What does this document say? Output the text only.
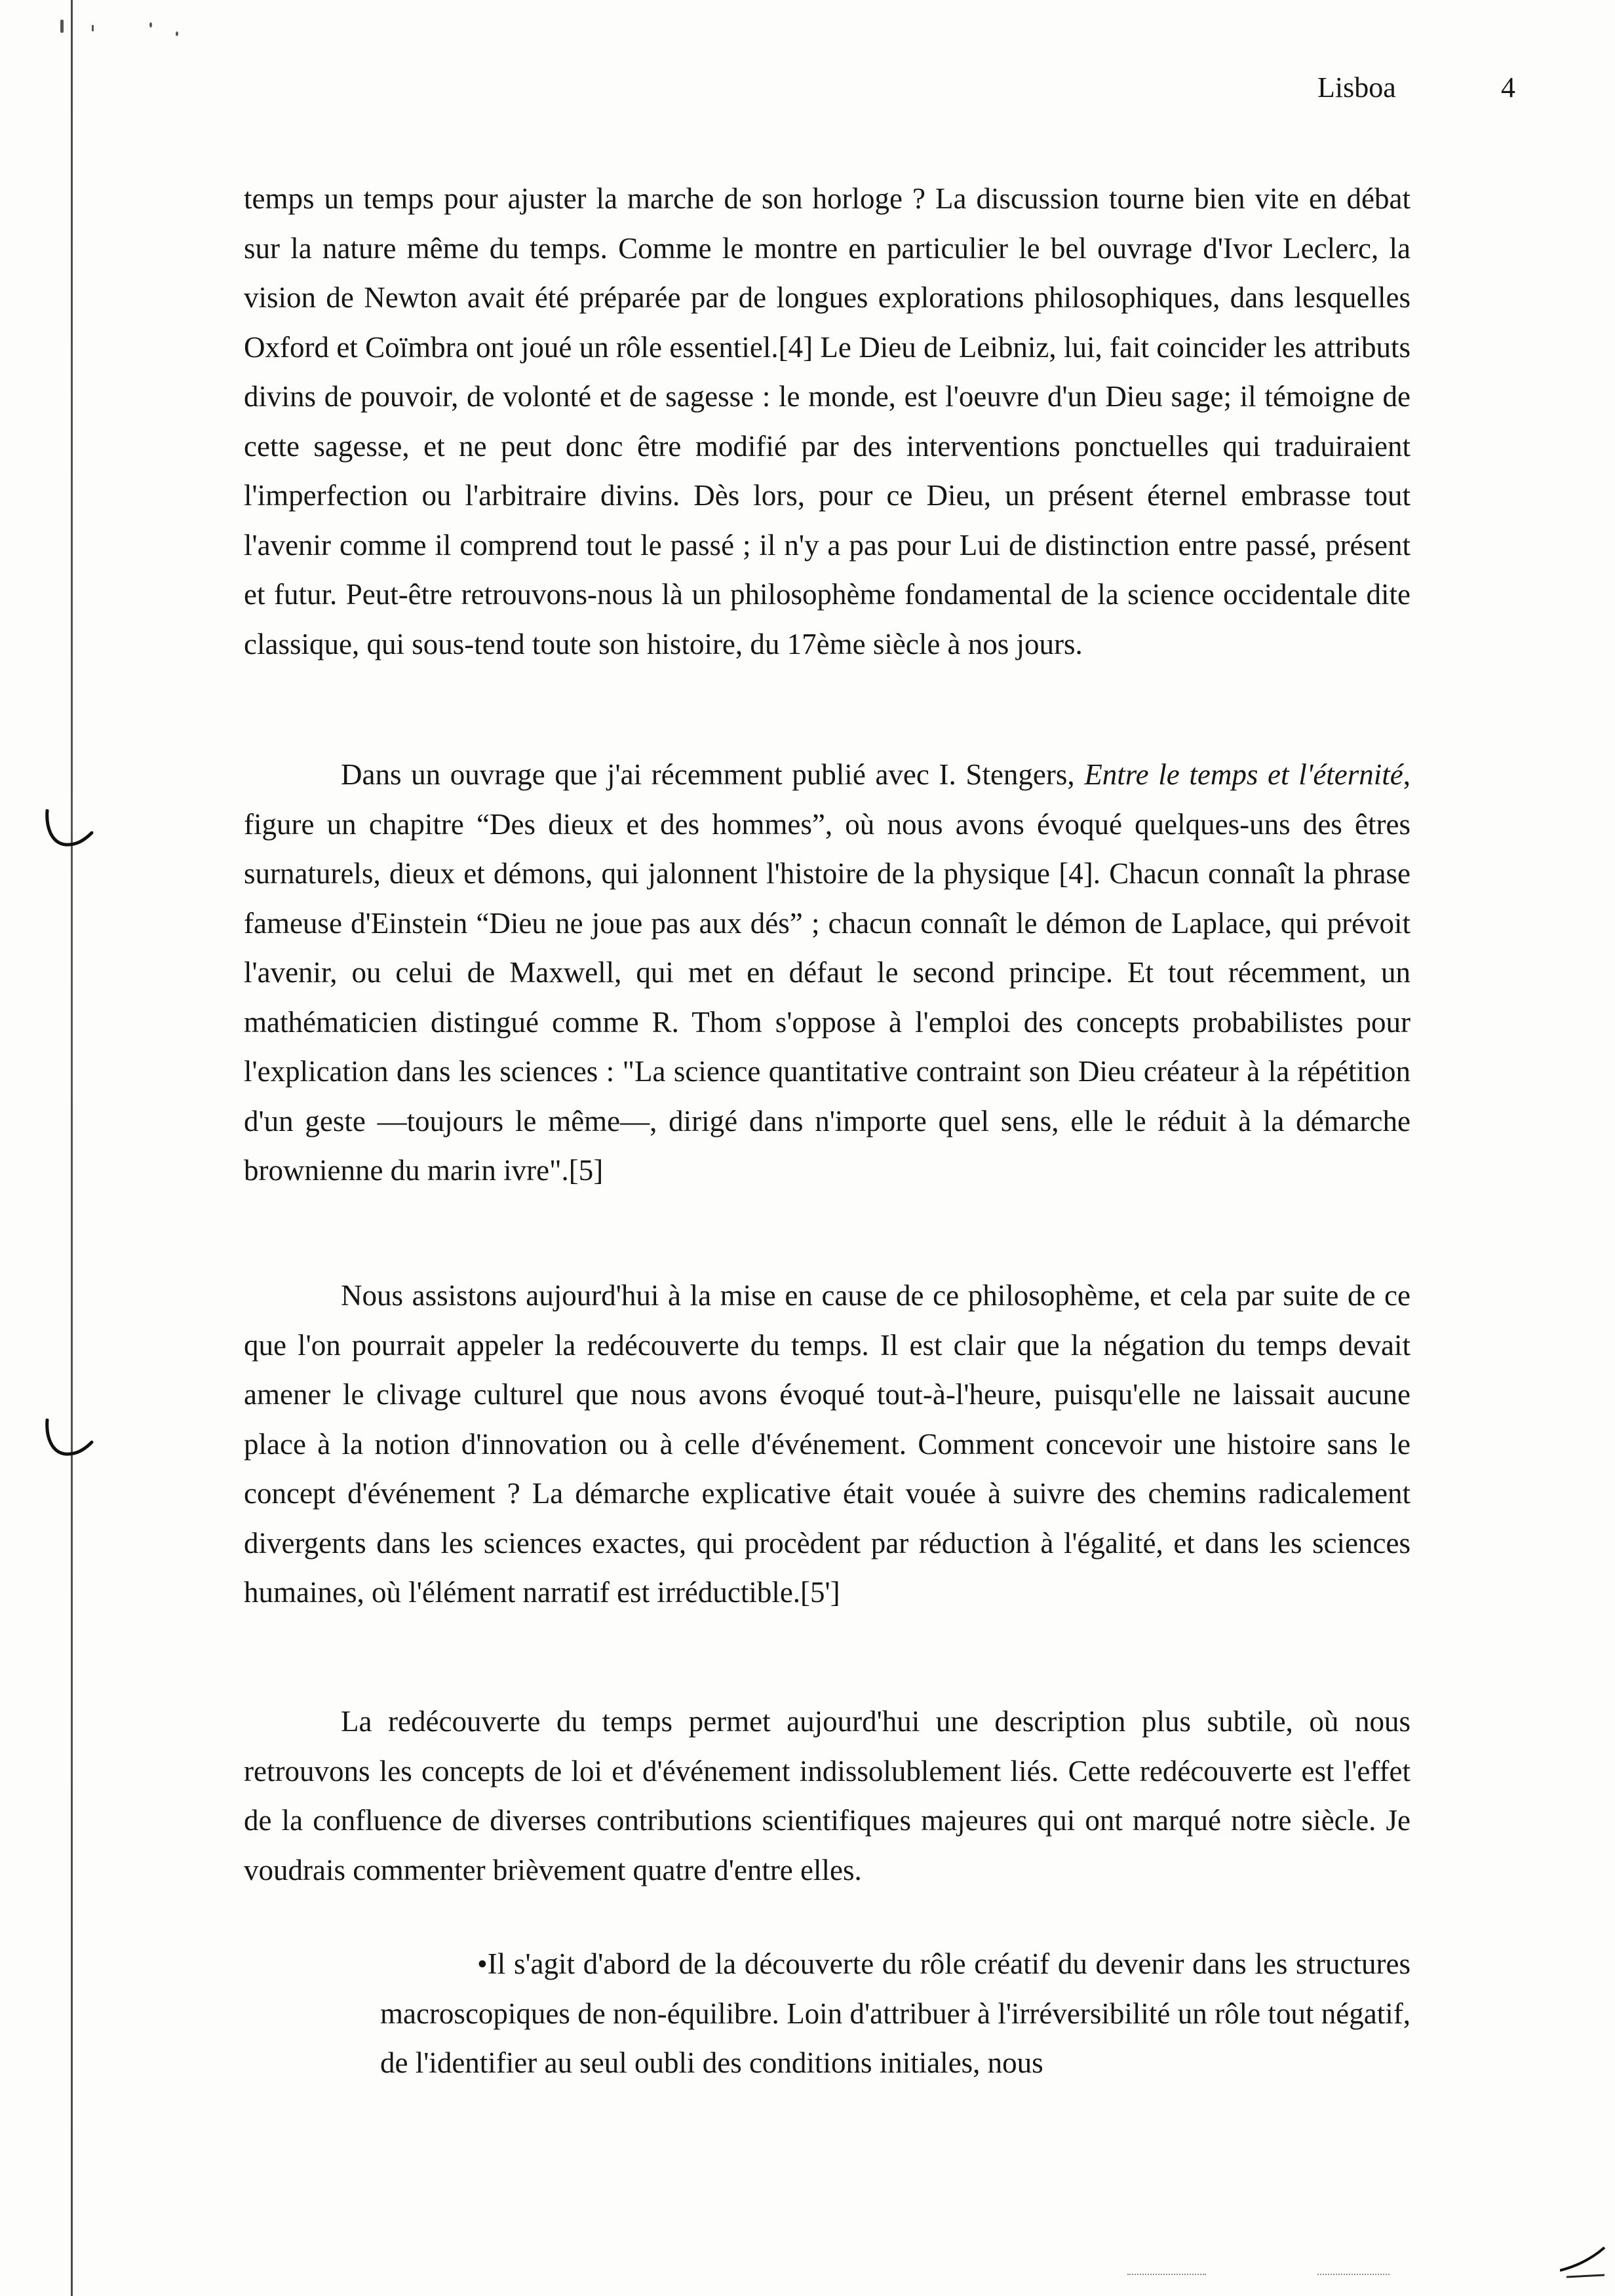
Lisboa	4

temps un temps pour ajuster la marche de son horloge ? La discussion tourne bien vite en débat sur la nature même du temps. Comme le montre en particulier le bel ouvrage d'Ivor Leclerc, la vision de Newton avait été préparée par de longues explorations philosophiques, dans lesquelles Oxford et Coïmbra ont joué un rôle essentiel.[4] Le Dieu de Leibniz, lui, fait coincider les attributs divins de pouvoir, de volonté et de sagesse : le monde, est l'oeuvre d'un Dieu sage; il témoigne de cette sagesse, et ne peut donc être modifié par des interventions ponctuelles qui traduiraient l'imperfection ou l'arbitraire divins. Dès lors, pour ce Dieu, un présent éternel embrasse tout l'avenir comme il comprend tout le passé ; il n'y a pas pour Lui de distinction entre passé, présent et futur. Peut-être retrouvons-nous là un philosophème fondamental de la science occidentale dite classique, qui sous-tend toute son histoire, du 17ème siècle à nos jours.

Dans un ouvrage que j'ai récemment publié avec I. Stengers, Entre le temps et l'éternité, figure un chapitre “Des dieux et des hommes”, où nous avons évoqué quelques-uns des êtres surnaturels, dieux et démons, qui jalonnent l'histoire de la physique [4]. Chacun connaît la phrase fameuse d'Einstein “Dieu ne joue pas aux dés” ; chacun connaît le démon de Laplace, qui prévoit l'avenir, ou celui de Maxwell, qui met en défaut le second principe. Et tout récemment, un mathématicien distingué comme R. Thom s'oppose à l'emploi des concepts probabilistes pour l'explication dans les sciences : "La science quantitative contraint son Dieu créateur à la répétition d'un geste —toujours le même—, dirigé dans n'importe quel sens, elle le réduit à la démarche brownienne du marin ivre".[5]

Nous assistons aujourd'hui à la mise en cause de ce philosophème, et cela par suite de ce que l'on pourrait appeler la redécouverte du temps. Il est clair que la négation du temps devait amener le clivage culturel que nous avons évoqué tout-à-l'heure, puisqu'elle ne laissait aucune place à la notion d'innovation ou à celle d'événement. Comment concevoir une histoire sans le concept d'événement ? La démarche explicative était vouée à suivre des chemins radicalement divergents dans les sciences exactes, qui procèdent par réduction à l'égalité, et dans les sciences humaines, où l'élément narratif est irréductible.[5']

La redécouverte du temps permet aujourd'hui une description plus subtile, où nous retrouvons les concepts de loi et d'événement indissolublement liés. Cette redécouverte est l'effet de la confluence de diverses contributions scientifiques majeures qui ont marqué notre siècle. Je voudrais commenter brièvement quatre d'entre elles.

•Il s'agit d'abord de la découverte du rôle créatif du devenir dans les structures macroscopiques de non-équilibre. Loin d'attribuer à l'irréversibilité un rôle tout négatif, de l'identifier au seul oubli des conditions initiales, nous
